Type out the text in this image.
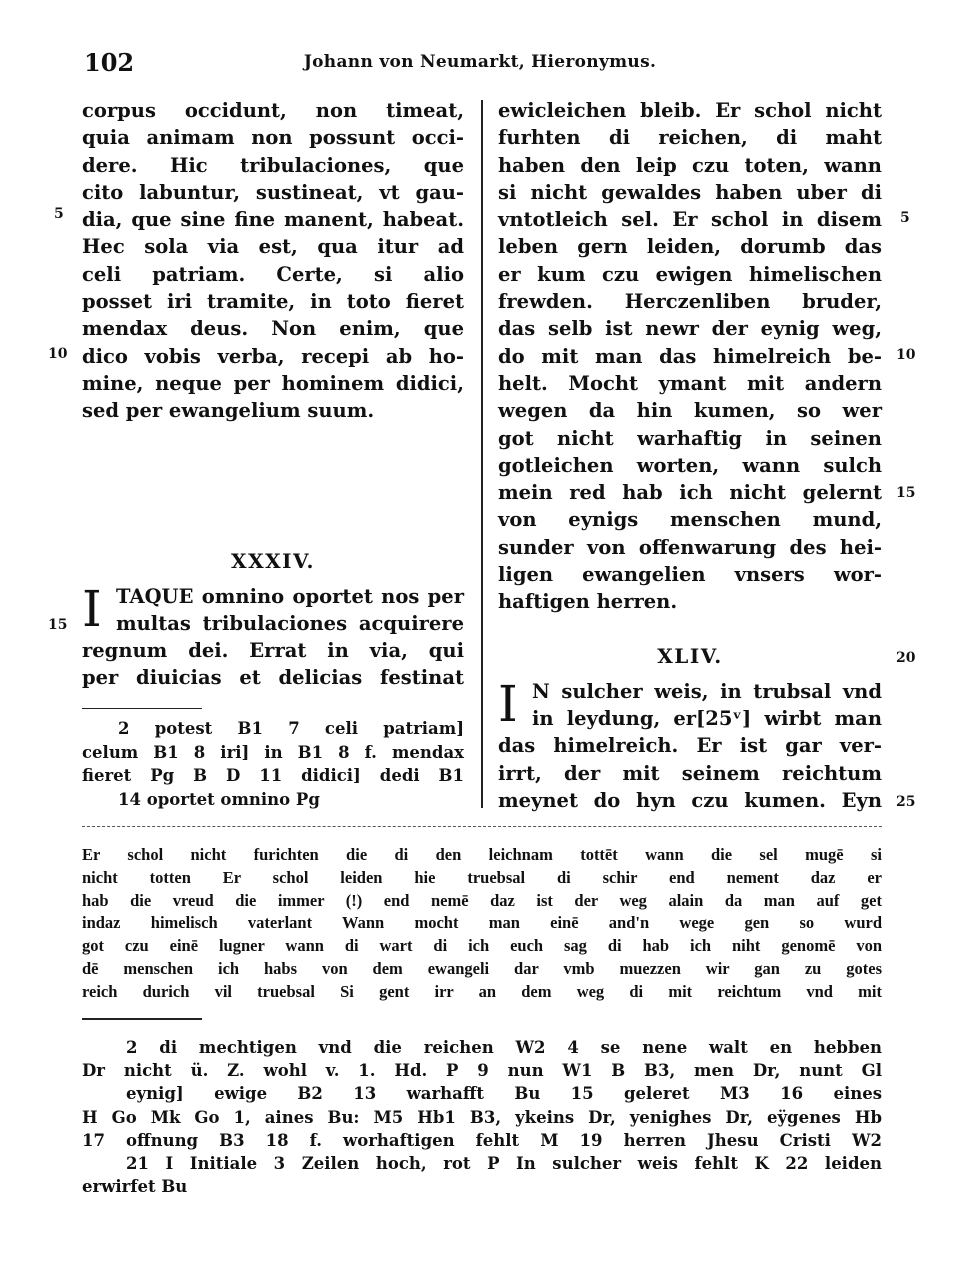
102	Johann von Neumarkt, Hieronymus.
corpus occidunt, non timeat,
quia animam non possunt occi-
dere. Hic tribulaciones, que
cito labuntur, sustineat, vt gau-
dia, que sine fine manent, habeat.
Hec sola via est, qua itur ad
celi patriam. Certe, si alio
posset iri tramite, in toto fieret
mendax deus. Non enim, que
dico vobis verba, recepi ab ho-
mine, neque per hominem didici,
sed per ewangelium suum.
XXXIV.
I TAQUE omnino oportet nos per
multas tribulaciones acquirere
regnum dei. Errat in via, qui
per diuicias et delicias festinat
2 potest B1 7 celi patriam]
celum B1 8 iri] in B1 8 f. mendax
fieret Pg B D 11 didici] dedi B1
14 oportet omnino Pg
ewicleichen bleib. Er schol nicht
furhten di reichen, di maht
haben den leip czu toten, wann
si nicht gewaldes haben uber di
vntotleich sel. Er schol in disem
leben gern leiden, dorumb das
er kum czu ewigen himelischen
frewden. Herczenliben bruder,
das selb ist newr der eynig weg,
do mit man das himelreich be-
helt. Mocht ymant mit andern
wegen da hin kumen, so wer
got nicht warhaftig in seinen
gotleichen worten, wann sulch
mein red hab ich nicht gelernt
von eynigs menschen mund,
sunder von offenwarung des hei-
ligen ewangelien vnsers wor-
haftigen herren.
XLIV.
I N sulcher weis, in trubsal vnd
in leydung, er[25ᵛ] wirbt man
das himelreich. Er ist gar ver-
irrt, der mit seinem reichtum
meynet do hyn czu kumen. Eyn
5
10
15
5
10
15
20
25
Er schol nicht furichten die di den leichnam tottēt wann die sel mugē si
nicht totten Er schol leiden hie truebsal di schir end nement daz er
hab die vreud die immer (!) end nemē daz ist der weg alain da man auf get
indaz himelisch vaterlant Wann mocht man einē and'n wege gen so wurd
got czu einē lugner wann di wart di ich euch sag di hab ich niht genomē von
dē menschen ich habs von dem ewangeli dar vmb muezzen wir gan zu gotes
reich durich vil truebsal Si gent irr an dem weg di mit reichtum vnd mit
2 di mechtigen vnd die reichen W2 4 se nene walt en hebben
Dr nicht ü. Z. wohl v. 1. Hd. P 9 nun W1 B B3, men Dr, nunt Gl
eynig] ewige B2 13 warhafft Bu 15 geleret M3 16 eines
H Go Mk Go 1, aines Bu: M5 Hb1 B3, ykeins Dr, yenighes Dr, eÿgenes Hb
17 offnung B3 18 f. worhaftigen fehlt M 19 herren Jhesu Cristi W2
21 I Initiale 3 Zeilen hoch, rot P In sulcher weis fehlt K 22 leiden
erwirfet Bu
